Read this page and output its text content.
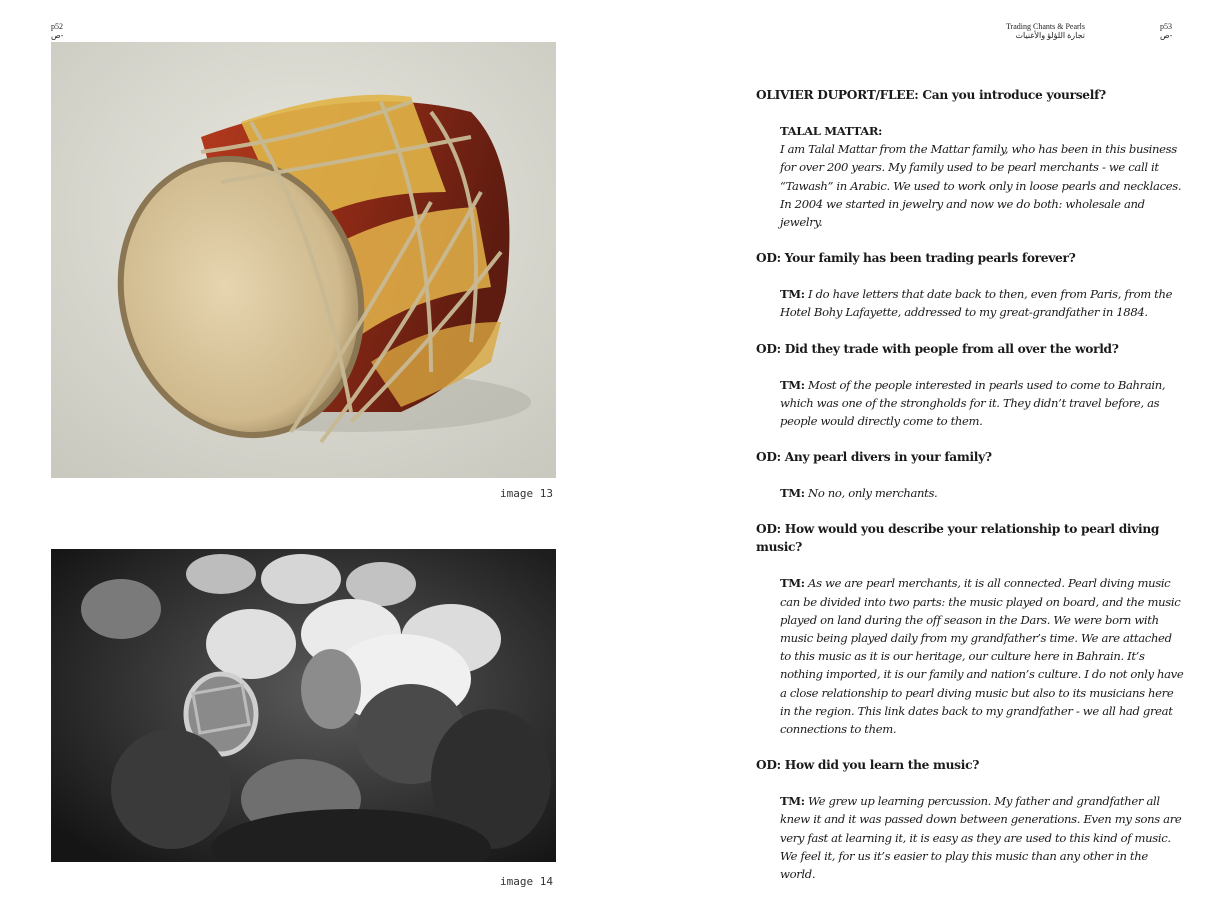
p52
ص-
Trading Chants & Pearls
تجارة اللؤلؤ والأغنيات
p53
ص-
image 13
image 14

OLIVIER DUPORT/FLEE: Can you introduce yourself?

TALAL MATTAR:
I am Talal Mattar from the Mattar family, who has been in this business for over 200 years. My family used to be pearl merchants - we call it “Tawash” in Arabic. We used to work only in loose pearls and necklaces. In 2004 we started in jewelry and now we do both: wholesale and jewelry.

OD: Your family has been trading pearls forever?

TM: I do have letters that date back to then, even from Paris, from the Hotel Bohy Lafayette, addressed to my great-grandfather in 1884.

OD: Did they trade with people from all over the world?

TM: Most of the people interested in pearls used to come to Bahrain, which was one of the strongholds for it. They didn’t travel before, as people would directly come to them.

OD: Any pearl divers in your family?

TM: No no, only merchants.

OD: How would you describe your relationship to pearl diving music?

TM: As we are pearl merchants, it is all connected. Pearl diving music can be divided into two parts: the music played on board, and the music played on land during the off season in the Dars. We were born with music being played daily from my grandfather’s time. We are attached to this music as it is our heritage, our culture here in Bahrain. It’s nothing imported, it is our family and nation’s culture. I do not only have a close relationship to pearl diving music but also to its musicians here in the region. This link dates back to my grandfather - we all had great connections to them.

OD: How did you learn the music?

TM: We grew up learning percussion. My father and grandfather all knew it and it was passed down between generations. Even my sons are very fast at learning it, it is easy as they are used to this kind of music. We feel it, for us it’s easier to play this music than any other in the world.
